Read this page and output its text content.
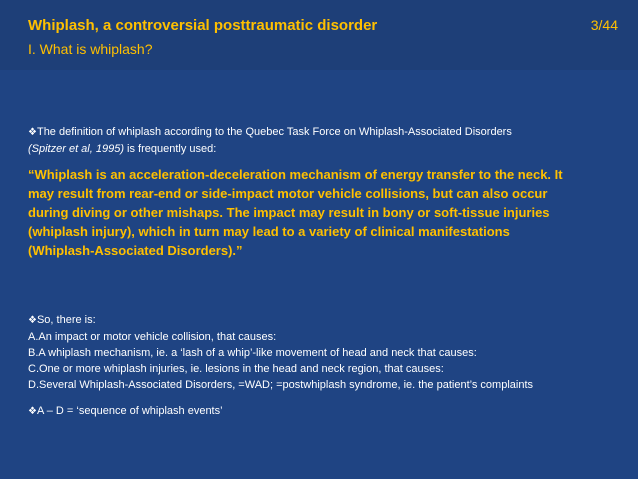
Whiplash, a controversial posttraumatic disorder	3/44
I. What is whiplash?
❖The definition of whiplash according to the Quebec Task Force on Whiplash-Associated Disorders
(Spitzer et al, 1995) is frequently used:
“Whiplash is an acceleration-deceleration mechanism of energy transfer to the neck. It
may result from rear-end or side-impact motor vehicle collisions, but can also occur
during diving or other mishaps. The impact may result in bony or soft-tissue injuries
(whiplash injury), which in turn may lead to a variety of clinical manifestations
(Whiplash-Associated Disorders).”
❖So, there is:
A.An impact or motor vehicle collision, that causes:
B.A whiplash mechanism, ie. a ‘lash of a whip’-like movement of head and neck that causes:
C.One or more whiplash injuries, ie. lesions in the head and neck region, that causes:
D.Several Whiplash-Associated Disorders, =WAD; =postwhiplash syndrome, ie. the patient’s complaints
❖A – D = ‘sequence of whiplash events’
